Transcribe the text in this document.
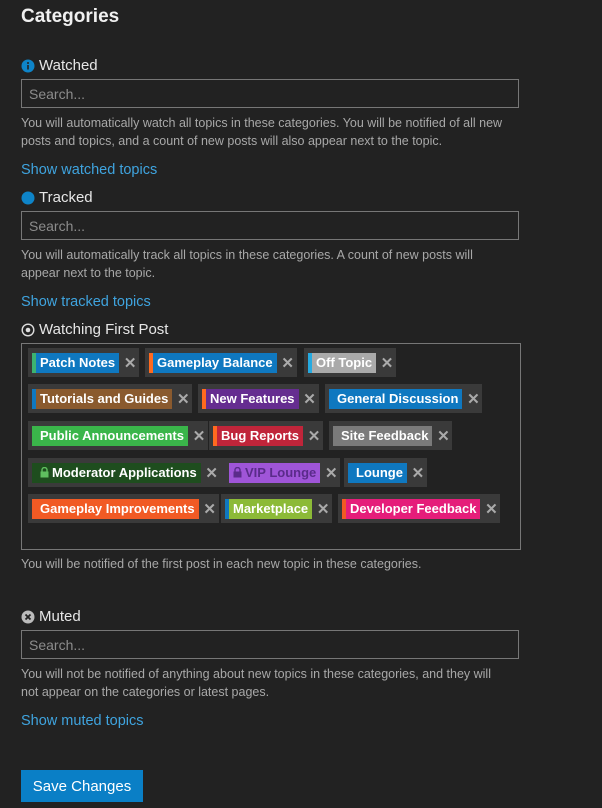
Categories
Watched
Search...
You will automatically watch all topics in these categories. You will be notified of all new posts and topics, and a count of new posts will also appear next to the topic.
Show watched topics
Tracked
Search...
You will automatically track all topics in these categories. A count of new posts will appear next to the topic.
Show tracked topics
Watching First Post
Patch Notes ✕ Gameplay Balance ✕ Off Topic ✕
Tutorials and Guides ✕ New Features ✕ General Discussion ✕
Public Announcements ✕ Bug Reports ✕ Site Feedback ✕
Moderator Applications ✕ VIP Lounge ✕ Lounge ✕
Gameplay Improvements ✕ Marketplace ✕ Developer Feedback ✕
You will be notified of the first post in each new topic in these categories.
Muted
Search...
You will not be notified of anything about new topics in these categories, and they will not appear on the categories or latest pages.
Show muted topics
Save Changes
